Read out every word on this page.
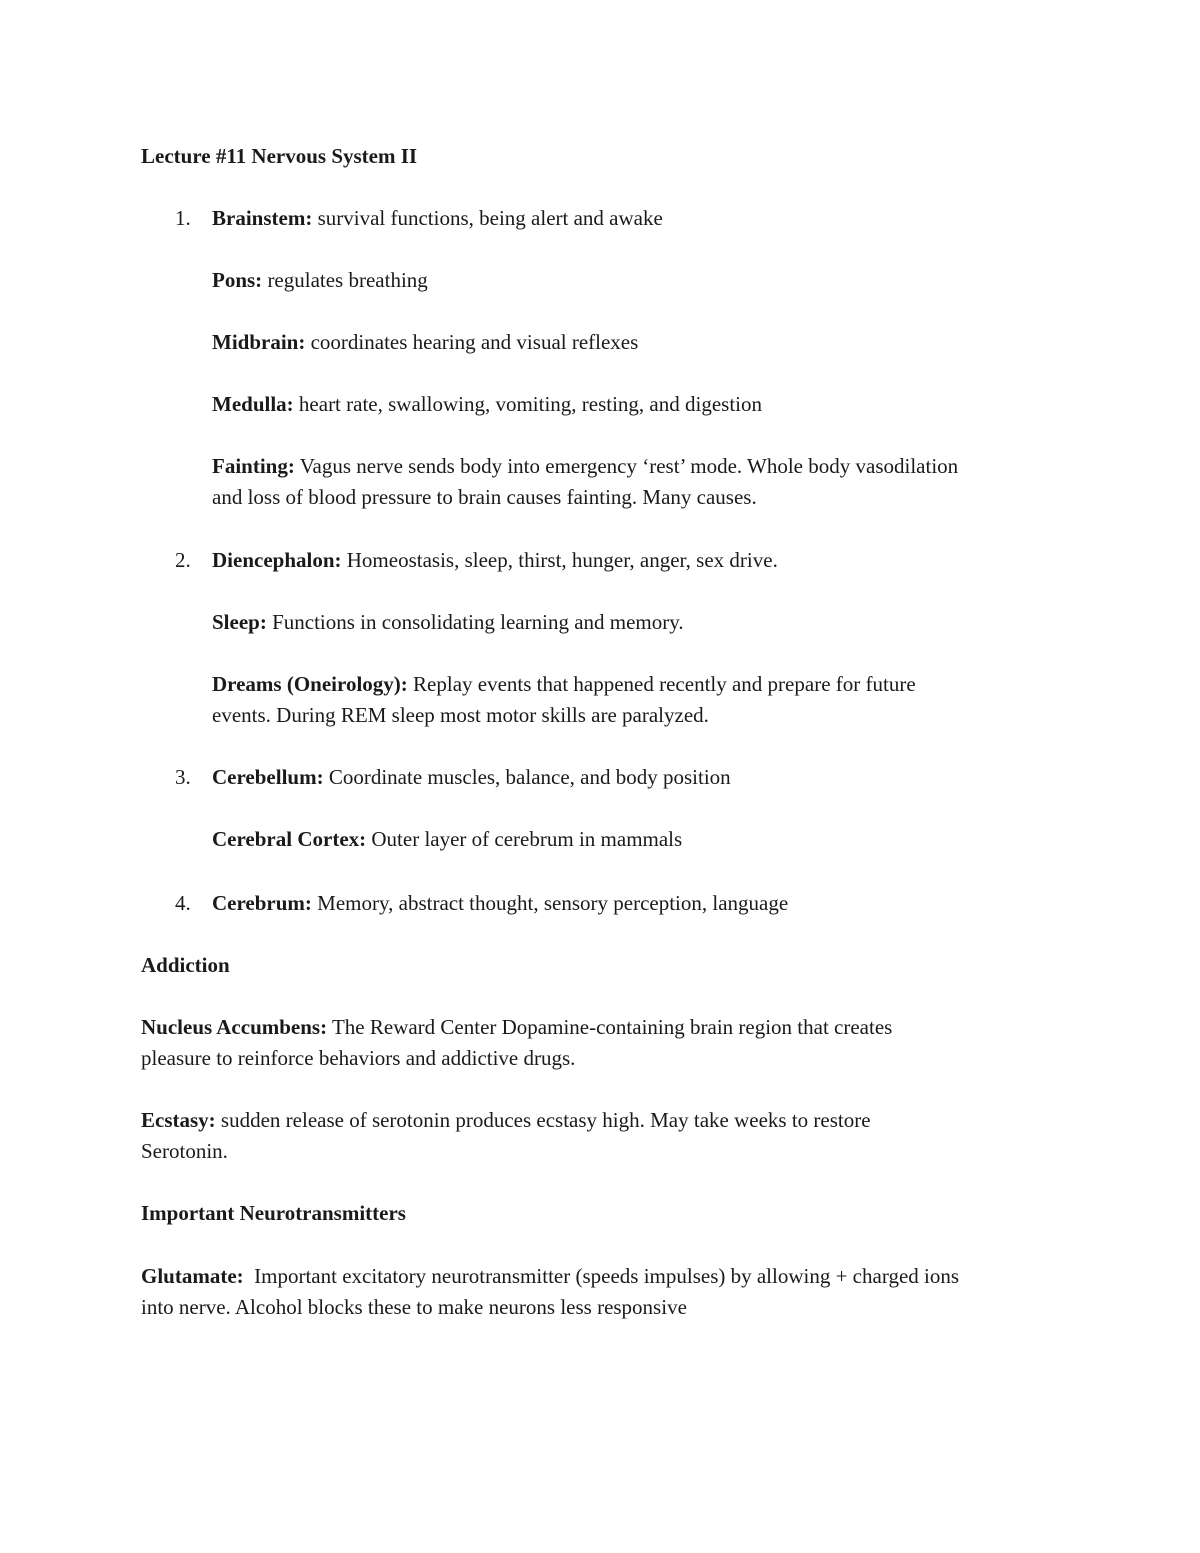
Lecture #11 Nervous System II
1. Brainstem: survival functions, being alert and awake
Pons: regulates breathing
Midbrain: coordinates hearing and visual reflexes
Medulla: heart rate, swallowing, vomiting, resting, and digestion
Fainting: Vagus nerve sends body into emergency ‘rest’ mode. Whole body vasodilation
and loss of blood pressure to brain causes fainting. Many causes.
2. Diencephalon: Homeostasis, sleep, thirst, hunger, anger, sex drive.
Sleep: Functions in consolidating learning and memory.
Dreams (Oneirology): Replay events that happened recently and prepare for future
events. During REM sleep most motor skills are paralyzed.
3. Cerebellum: Coordinate muscles, balance, and body position
Cerebral Cortex: Outer layer of cerebrum in mammals
4. Cerebrum: Memory, abstract thought, sensory perception, language
Addiction
Nucleus Accumbens: The Reward Center Dopamine-containing brain region that creates
pleasure to reinforce behaviors and addictive drugs.
Ecstasy: sudden release of serotonin produces ecstasy high. May take weeks to restore
Serotonin.
Important Neurotransmitters
Glutamate:  Important excitatory neurotransmitter (speeds impulses) by allowing + charged ions
into nerve. Alcohol blocks these to make neurons less responsive
